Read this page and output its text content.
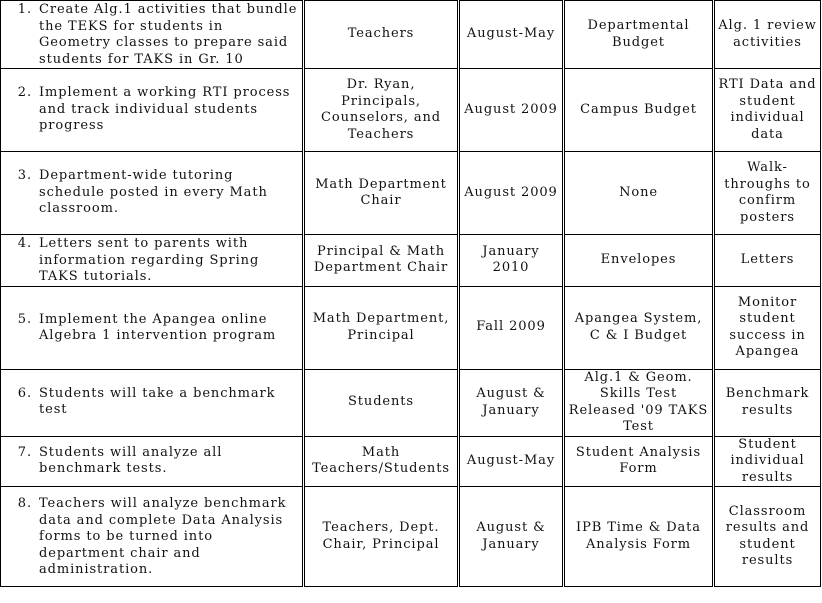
1. Create Alg.1 activities that bundle the TEKS for students in Geometry classes to prepare said students for TAKS in Gr. 10	Teachers	August-May	Departmental Budget	Alg. 1 review activities

2. Implement a working RTI process and track individual students progress	Dr. Ryan, Principals, Counselors, and Teachers	August 2009	Campus Budget	RTI Data and student individual data

3. Department-wide tutoring schedule posted in every Math classroom.	Math Department Chair	August 2009	None	Walk-throughs to confirm posters

4. Letters sent to parents with information regarding Spring TAKS tutorials.	Principal & Math Department Chair	January 2010	Envelopes	Letters

5. Implement the Apangea online Algebra 1 intervention program	Math Department, Principal	Fall 2009	Apangea System, C & I Budget	Monitor student success in Apangea

6. Students will take a benchmark test	Students	August & January	Alg.1 & Geom. Skills Test Released '09 TAKS Test	Benchmark results

7. Students will analyze all benchmark tests.	Math Teachers/Students	August-May	Student Analysis Form	Student individual results

8. Teachers will analyze benchmark data and complete Data Analysis forms to be turned into department chair and administration.	Teachers, Dept. Chair, Principal	August & January	IPB Time & Data Analysis Form	Classroom results and student results
